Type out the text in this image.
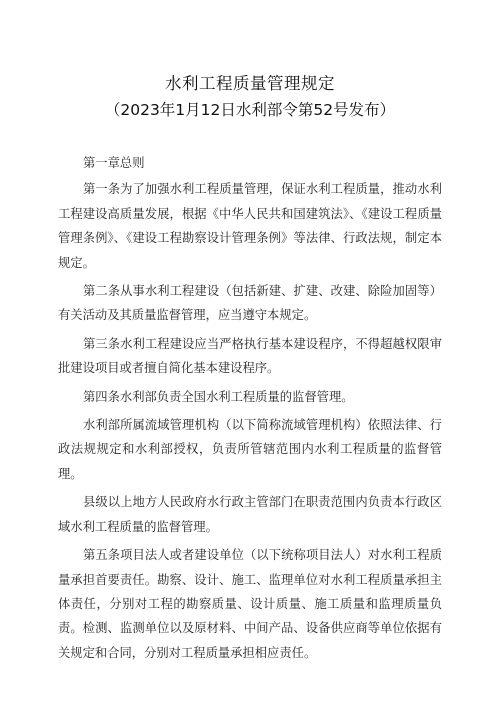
水利工程质量管理规定
（2023年1月12日水利部令第52号发布）

第一章总则

第一条为了加强水利工程质量管理，保证水利工程质量，推动水利工程建设高质量发展，根据《中华人民共和国建筑法》、《建设工程质量管理条例》、《建设工程勘察设计管理条例》等法律、行政法规，制定本规定。

第二条从事水利工程建设（包括新建、扩建、改建、除险加固等）有关活动及其质量监督管理，应当遵守本规定。

第三条水利工程建设应当严格执行基本建设程序，不得超越权限审批建设项目或者擅自简化基本建设程序。

第四条水利部负责全国水利工程质量的监督管理。

水利部所属流域管理机构（以下简称流域管理机构）依照法律、行政法规规定和水利部授权，负责所管辖范围内水利工程质量的监督管理。

县级以上地方人民政府水行政主管部门在职责范围内负责本行政区域水利工程质量的监督管理。

第五条项目法人或者建设单位（以下统称项目法人）对水利工程质量承担首要责任。勘察、设计、施工、监理单位对水利工程质量承担主体责任，分别对工程的勘察质量、设计质量、施工质量和监理质量负责。检测、监测单位以及原材料、中间产品、设备供应商等单位依据有关规定和合同，分别对工程质量承担相应责任。
